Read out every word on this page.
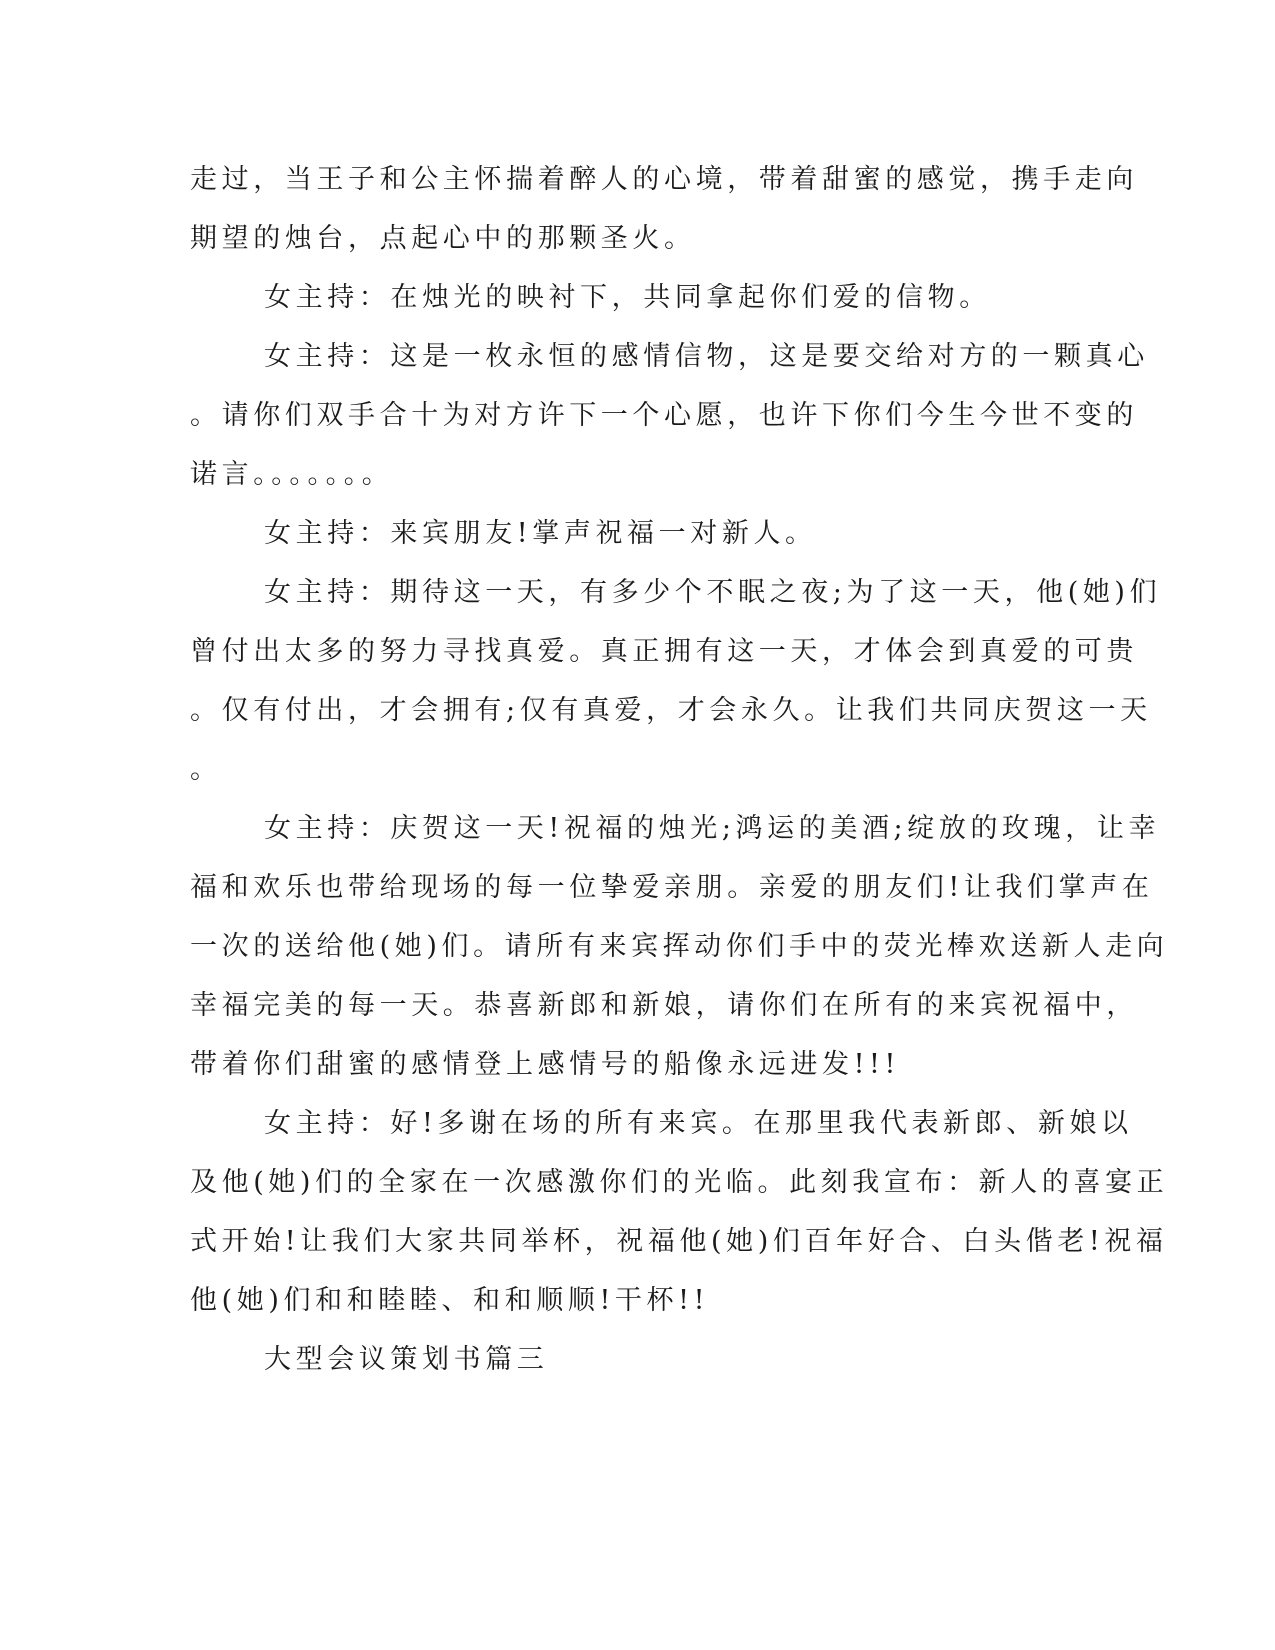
走过，当王子和公主怀揣着醉人的心境，带着甜蜜的感觉，携手走向
期望的烛台，点起心中的那颗圣火。
女主持：在烛光的映衬下，共同拿起你们爱的信物。
女主持：这是一枚永恒的感情信物，这是要交给对方的一颗真心
。请你们双手合十为对方许下一个心愿，也许下你们今生今世不变的
诺言。。。。。。。
女主持：来宾朋友!掌声祝福一对新人。
女主持：期待这一天，有多少个不眠之夜;为了这一天，他(她)们
曾付出太多的努力寻找真爱。真正拥有这一天，才体会到真爱的可贵
。仅有付出，才会拥有;仅有真爱，才会永久。让我们共同庆贺这一天
。
女主持：庆贺这一天!祝福的烛光;鸿运的美酒;绽放的玫瑰，让幸
福和欢乐也带给现场的每一位挚爱亲朋。亲爱的朋友们!让我们掌声在
一次的送给他(她)们。请所有来宾挥动你们手中的荧光棒欢送新人走向
幸福完美的每一天。恭喜新郎和新娘，请你们在所有的来宾祝福中，
带着你们甜蜜的感情登上感情号的船像永远进发!!!
女主持：好!多谢在场的所有来宾。在那里我代表新郎、新娘以
及他(她)们的全家在一次感激你们的光临。此刻我宣布：新人的喜宴正
式开始!让我们大家共同举杯，祝福他(她)们百年好合、白头偕老!祝福
他(她)们和和睦睦、和和顺顺!干杯!!
大型会议策划书篇三
